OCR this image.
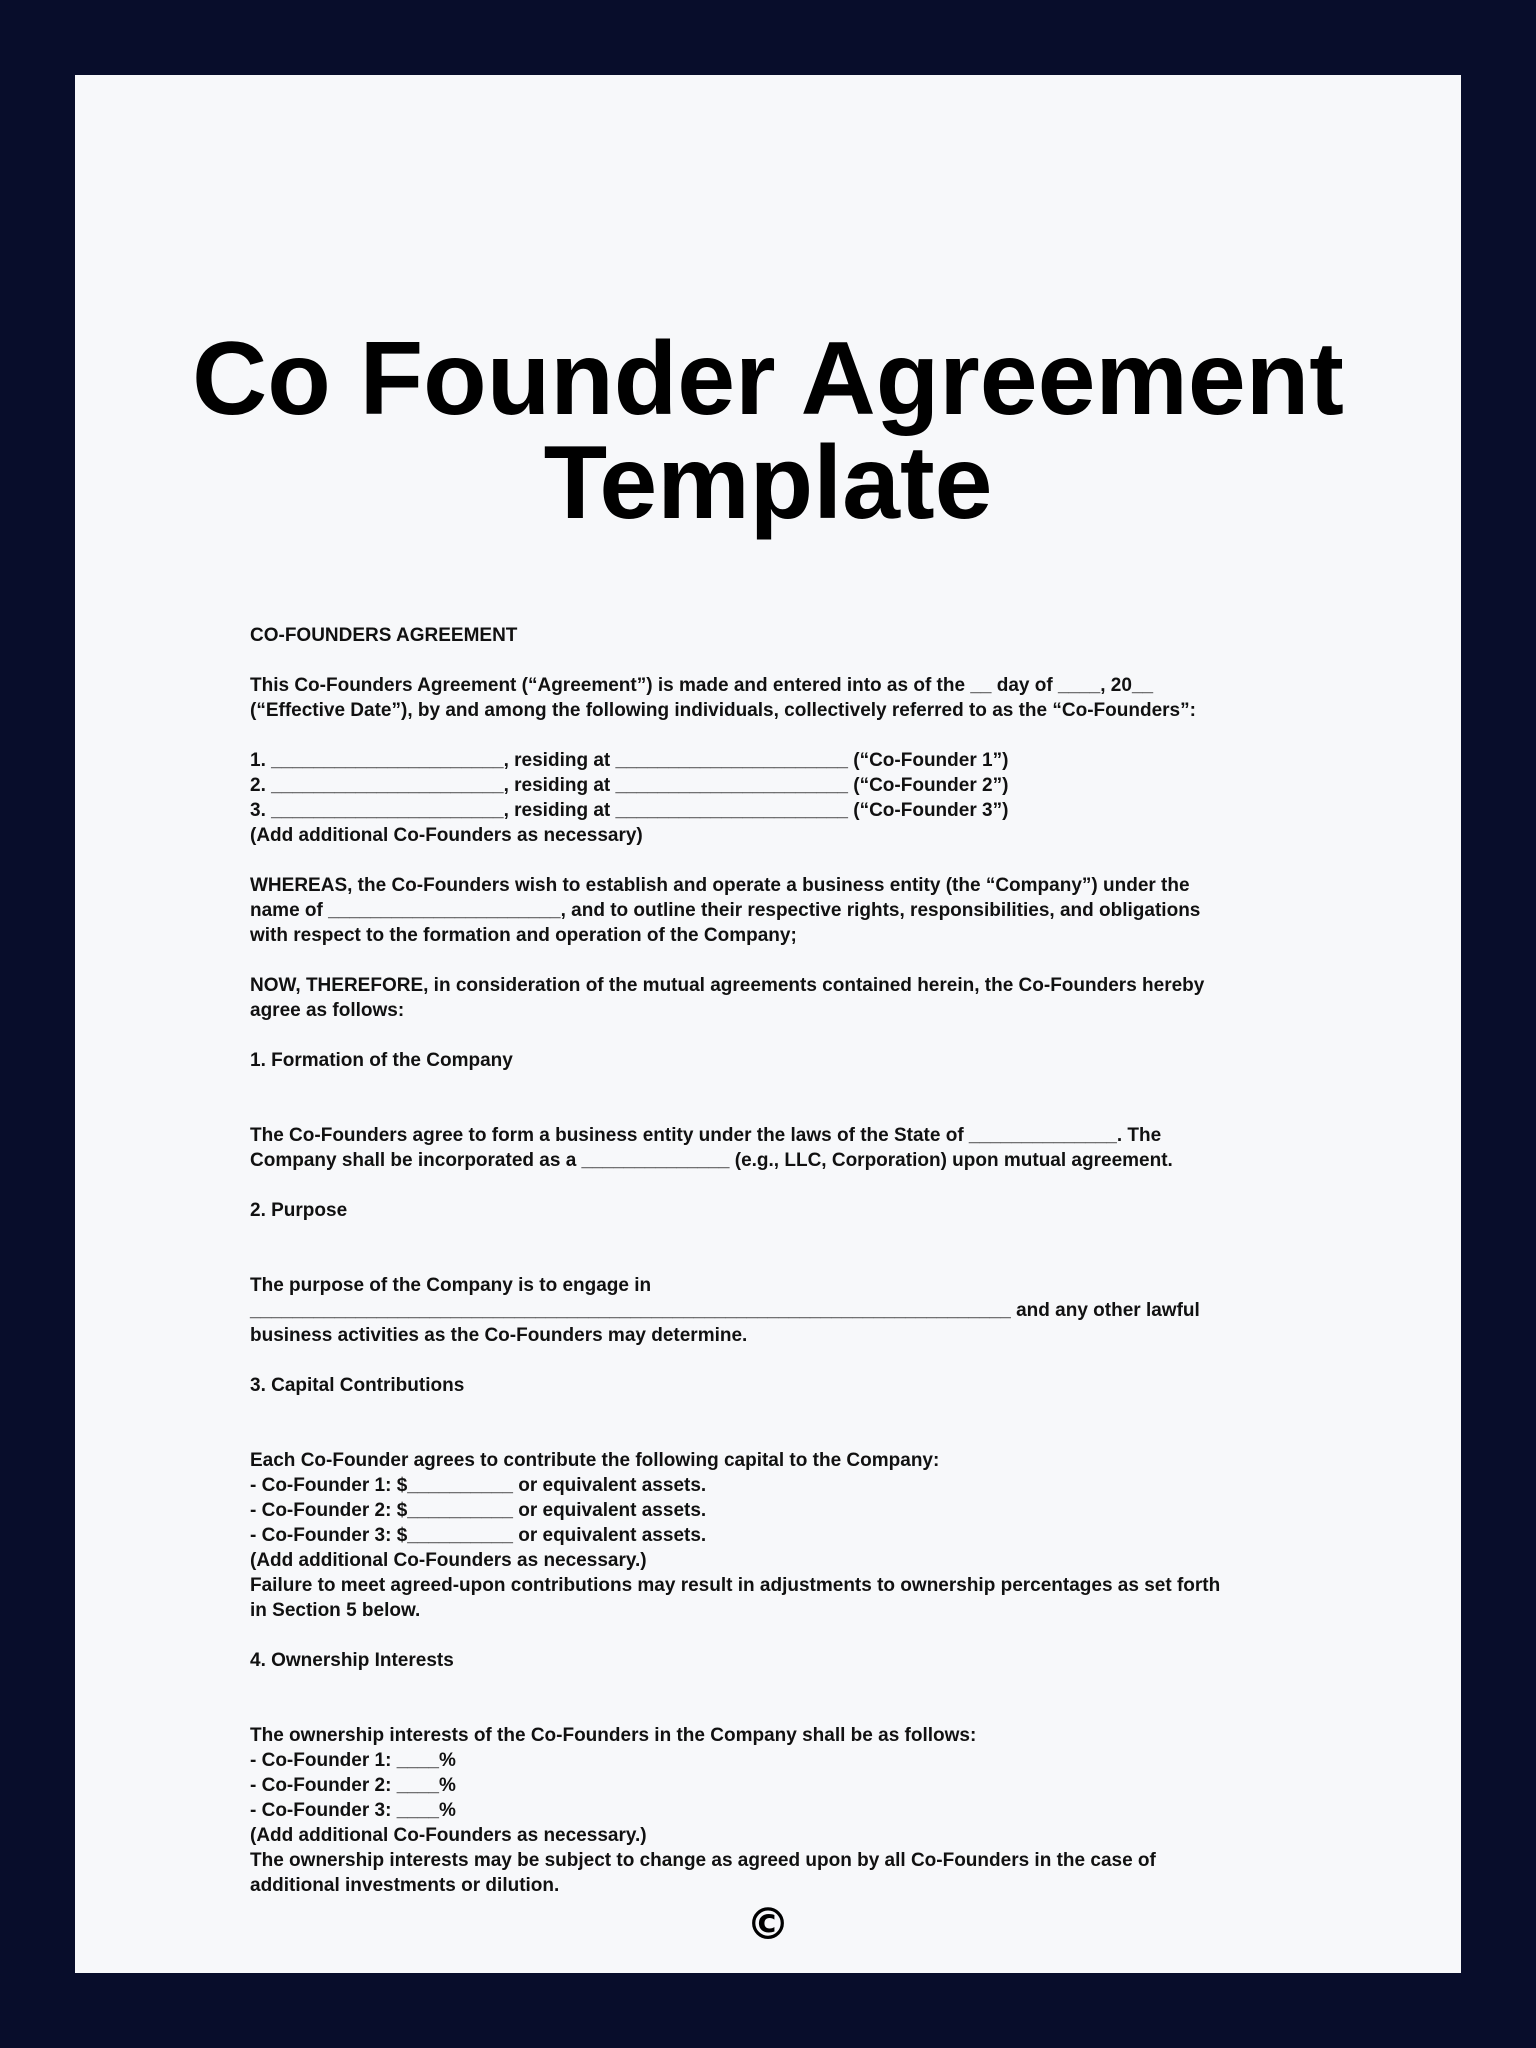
Co Founder Agreement
Template
CO-FOUNDERS AGREEMENT
This Co-Founders Agreement (“Agreement”) is made and entered into as of the __ day of ____, 20__
(“Effective Date”), by and among the following individuals, collectively referred to as the “Co-Founders”:
1. ______________________, residing at ______________________ (“Co-Founder 1”)
2. ______________________, residing at ______________________ (“Co-Founder 2”)
3. ______________________, residing at ______________________ (“Co-Founder 3”)
(Add additional Co-Founders as necessary)
WHEREAS, the Co-Founders wish to establish and operate a business entity (the “Company”) under the
name of ______________________, and to outline their respective rights, responsibilities, and obligations
with respect to the formation and operation of the Company;
NOW, THEREFORE, in consideration of the mutual agreements contained herein, the Co-Founders hereby
agree as follows:
1. Formation of the Company
The Co-Founders agree to form a business entity under the laws of the State of ______________. The
Company shall be incorporated as a ______________ (e.g., LLC, Corporation) upon mutual agreement.
2. Purpose
The purpose of the Company is to engage in
________________________________________________________________________ and any other lawful
business activities as the Co-Founders may determine.
3. Capital Contributions
Each Co-Founder agrees to contribute the following capital to the Company:
- Co-Founder 1: $__________ or equivalent assets.
- Co-Founder 2: $__________ or equivalent assets.
- Co-Founder 3: $__________ or equivalent assets.
(Add additional Co-Founders as necessary.)
Failure to meet agreed-upon contributions may result in adjustments to ownership percentages as set forth
in Section 5 below.
4. Ownership Interests
The ownership interests of the Co-Founders in the Company shall be as follows:
- Co-Founder 1: ____%
- Co-Founder 2: ____%
- Co-Founder 3: ____%
(Add additional Co-Founders as necessary.)
The ownership interests may be subject to change as agreed upon by all Co-Founders in the case of
additional investments or dilution.
©
